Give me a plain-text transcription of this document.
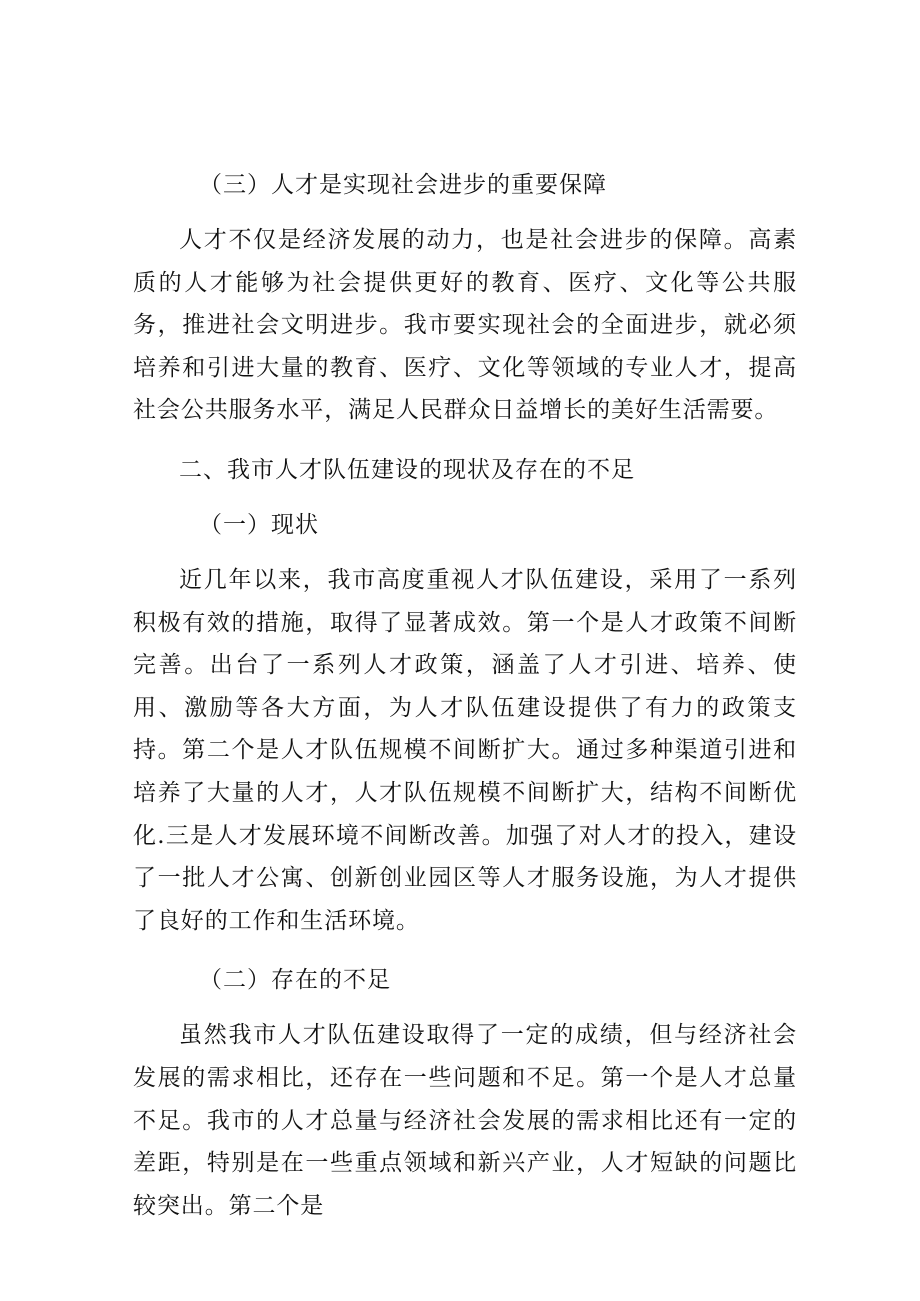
（三）人才是实现社会进步的重要保障

人才不仅是经济发展的动力，也是社会进步的保障。高素质的人才能够为社会提供更好的教育、医疗、文化等公共服务，推进社会文明进步。我市要实现社会的全面进步，就必须培养和引进大量的教育、医疗、文化等领域的专业人才，提高社会公共服务水平，满足人民群众日益增长的美好生活需要。

二、我市人才队伍建设的现状及存在的不足

（一）现状

近几年以来，我市高度重视人才队伍建设，采用了一系列积极有效的措施，取得了显著成效。第一个是人才政策不间断完善。出台了一系列人才政策，涵盖了人才引进、培养、使用、激励等各大方面，为人才队伍建设提供了有力的政策支持。第二个是人才队伍规模不间断扩大。通过多种渠道引进和培养了大量的人才，人才队伍规模不间断扩大，结构不间断优化.三是人才发展环境不间断改善。加强了对人才的投入，建设了一批人才公寓、创新创业园区等人才服务设施，为人才提供了良好的工作和生活环境。

（二）存在的不足

虽然我市人才队伍建设取得了一定的成绩，但与经济社会发展的需求相比，还存在一些问题和不足。第一个是人才总量不足。我市的人才总量与经济社会发展的需求相比还有一定的差距，特别是在一些重点领域和新兴产业，人才短缺的问题比较突出。第二个是
